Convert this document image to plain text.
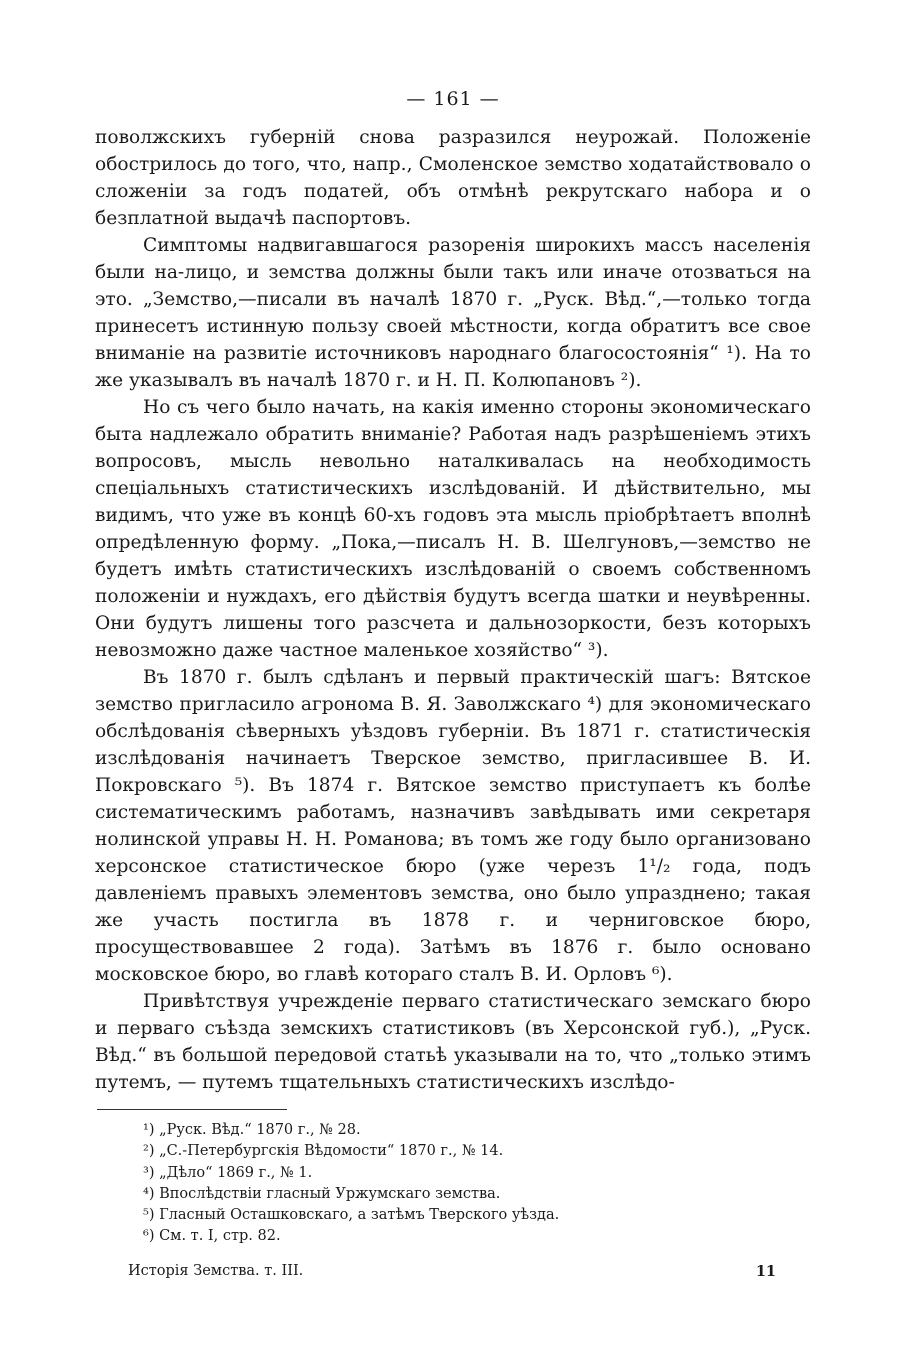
— 161 —

поволжскихъ губерній снова разразился неурожай. Положеніе обострилось до того, что, напр., Смоленское земство ходатайствовало о сложеніи за годъ податей, объ отмѣнѣ рекрутскаго набора и о безплатной выдачѣ паспортовъ.

Симптомы надвигавшагося разоренія широкихъ массъ населенія были на-лицо, и земства должны были такъ или иначе отозваться на это. „Земство,—писали въ началѣ 1870 г. „Руск. Вѣд.“,—только тогда принесетъ истинную пользу своей мѣстности, когда обратитъ все свое вниманіе на развитіе источниковъ народнаго благосостоянія“ ¹). На то же указывалъ въ началѣ 1870 г. и Н. П. Колюпановъ ²).

Но съ чего было начать, на какія именно стороны экономическаго быта надлежало обратить вниманіе? Работая надъ разрѣшеніемъ этихъ вопросовъ, мысль невольно наталкивалась на необходимость спеціальныхъ статистическихъ изслѣдованій. И дѣйствительно, мы видимъ, что уже въ концѣ 60-хъ годовъ эта мысль пріобрѣтаетъ вполнѣ опредѣленную форму. „Пока,—писалъ Н. В. Шелгуновъ,—земство не будетъ имѣть статистическихъ изслѣдованій о своемъ собственномъ положеніи и нуждахъ, его дѣйствія будутъ всегда шатки и неувѣренны. Они будутъ лишены того разсчета и дальнозоркости, безъ которыхъ невозможно даже частное маленькое хозяйство“ ³).

Въ 1870 г. былъ сдѣланъ и первый практическій шагъ: Вятское земство пригласило агронома В. Я. Заволжскаго ⁴) для экономическаго обслѣдованія сѣверныхъ уѣздовъ губерніи. Въ 1871 г. статистическія изслѣдованія начинаетъ Тверское земство, пригласившее В. И. Покровскаго ⁵). Въ 1874 г. Вятское земство приступаетъ къ болѣе систематическимъ работамъ, назначивъ завѣдывать ими секретаря нолинской управы Н. Н. Романова; въ томъ же году было организовано херсонское статистическое бюро (уже черезъ 1¹/₂ года, подъ давленіемъ правыхъ элементовъ земства, оно было упразднено; такая же участь постигла въ 1878 г. и черниговское бюро, просуществовавшее 2 года). Затѣмъ въ 1876 г. было основано московское бюро, во главѣ котораго сталъ В. И. Орловъ ⁶).

Привѣтствуя учрежденіе перваго статистическаго земскаго бюро и перваго съѣзда земскихъ статистиковъ (въ Херсонской губ.), „Руск. Вѣд.“ въ большой передовой статьѣ указывали на то, что „только этимъ путемъ, — путемъ тщательныхъ статистическихъ изслѣдо-

¹) „Руск. Вѣд.“ 1870 г., № 28.

²) „С.-Петербургскія Вѣдомости“ 1870 г., № 14.

³) „Дѣло“ 1869 г., № 1.

⁴) Впослѣдствіи гласный Уржумскаго земства.

⁵) Гласный Осташковскаго, а затѣмъ Тверского уѣзда.

⁶) См. т. I, стр. 82.

Исторія Земства. т. III.	11
